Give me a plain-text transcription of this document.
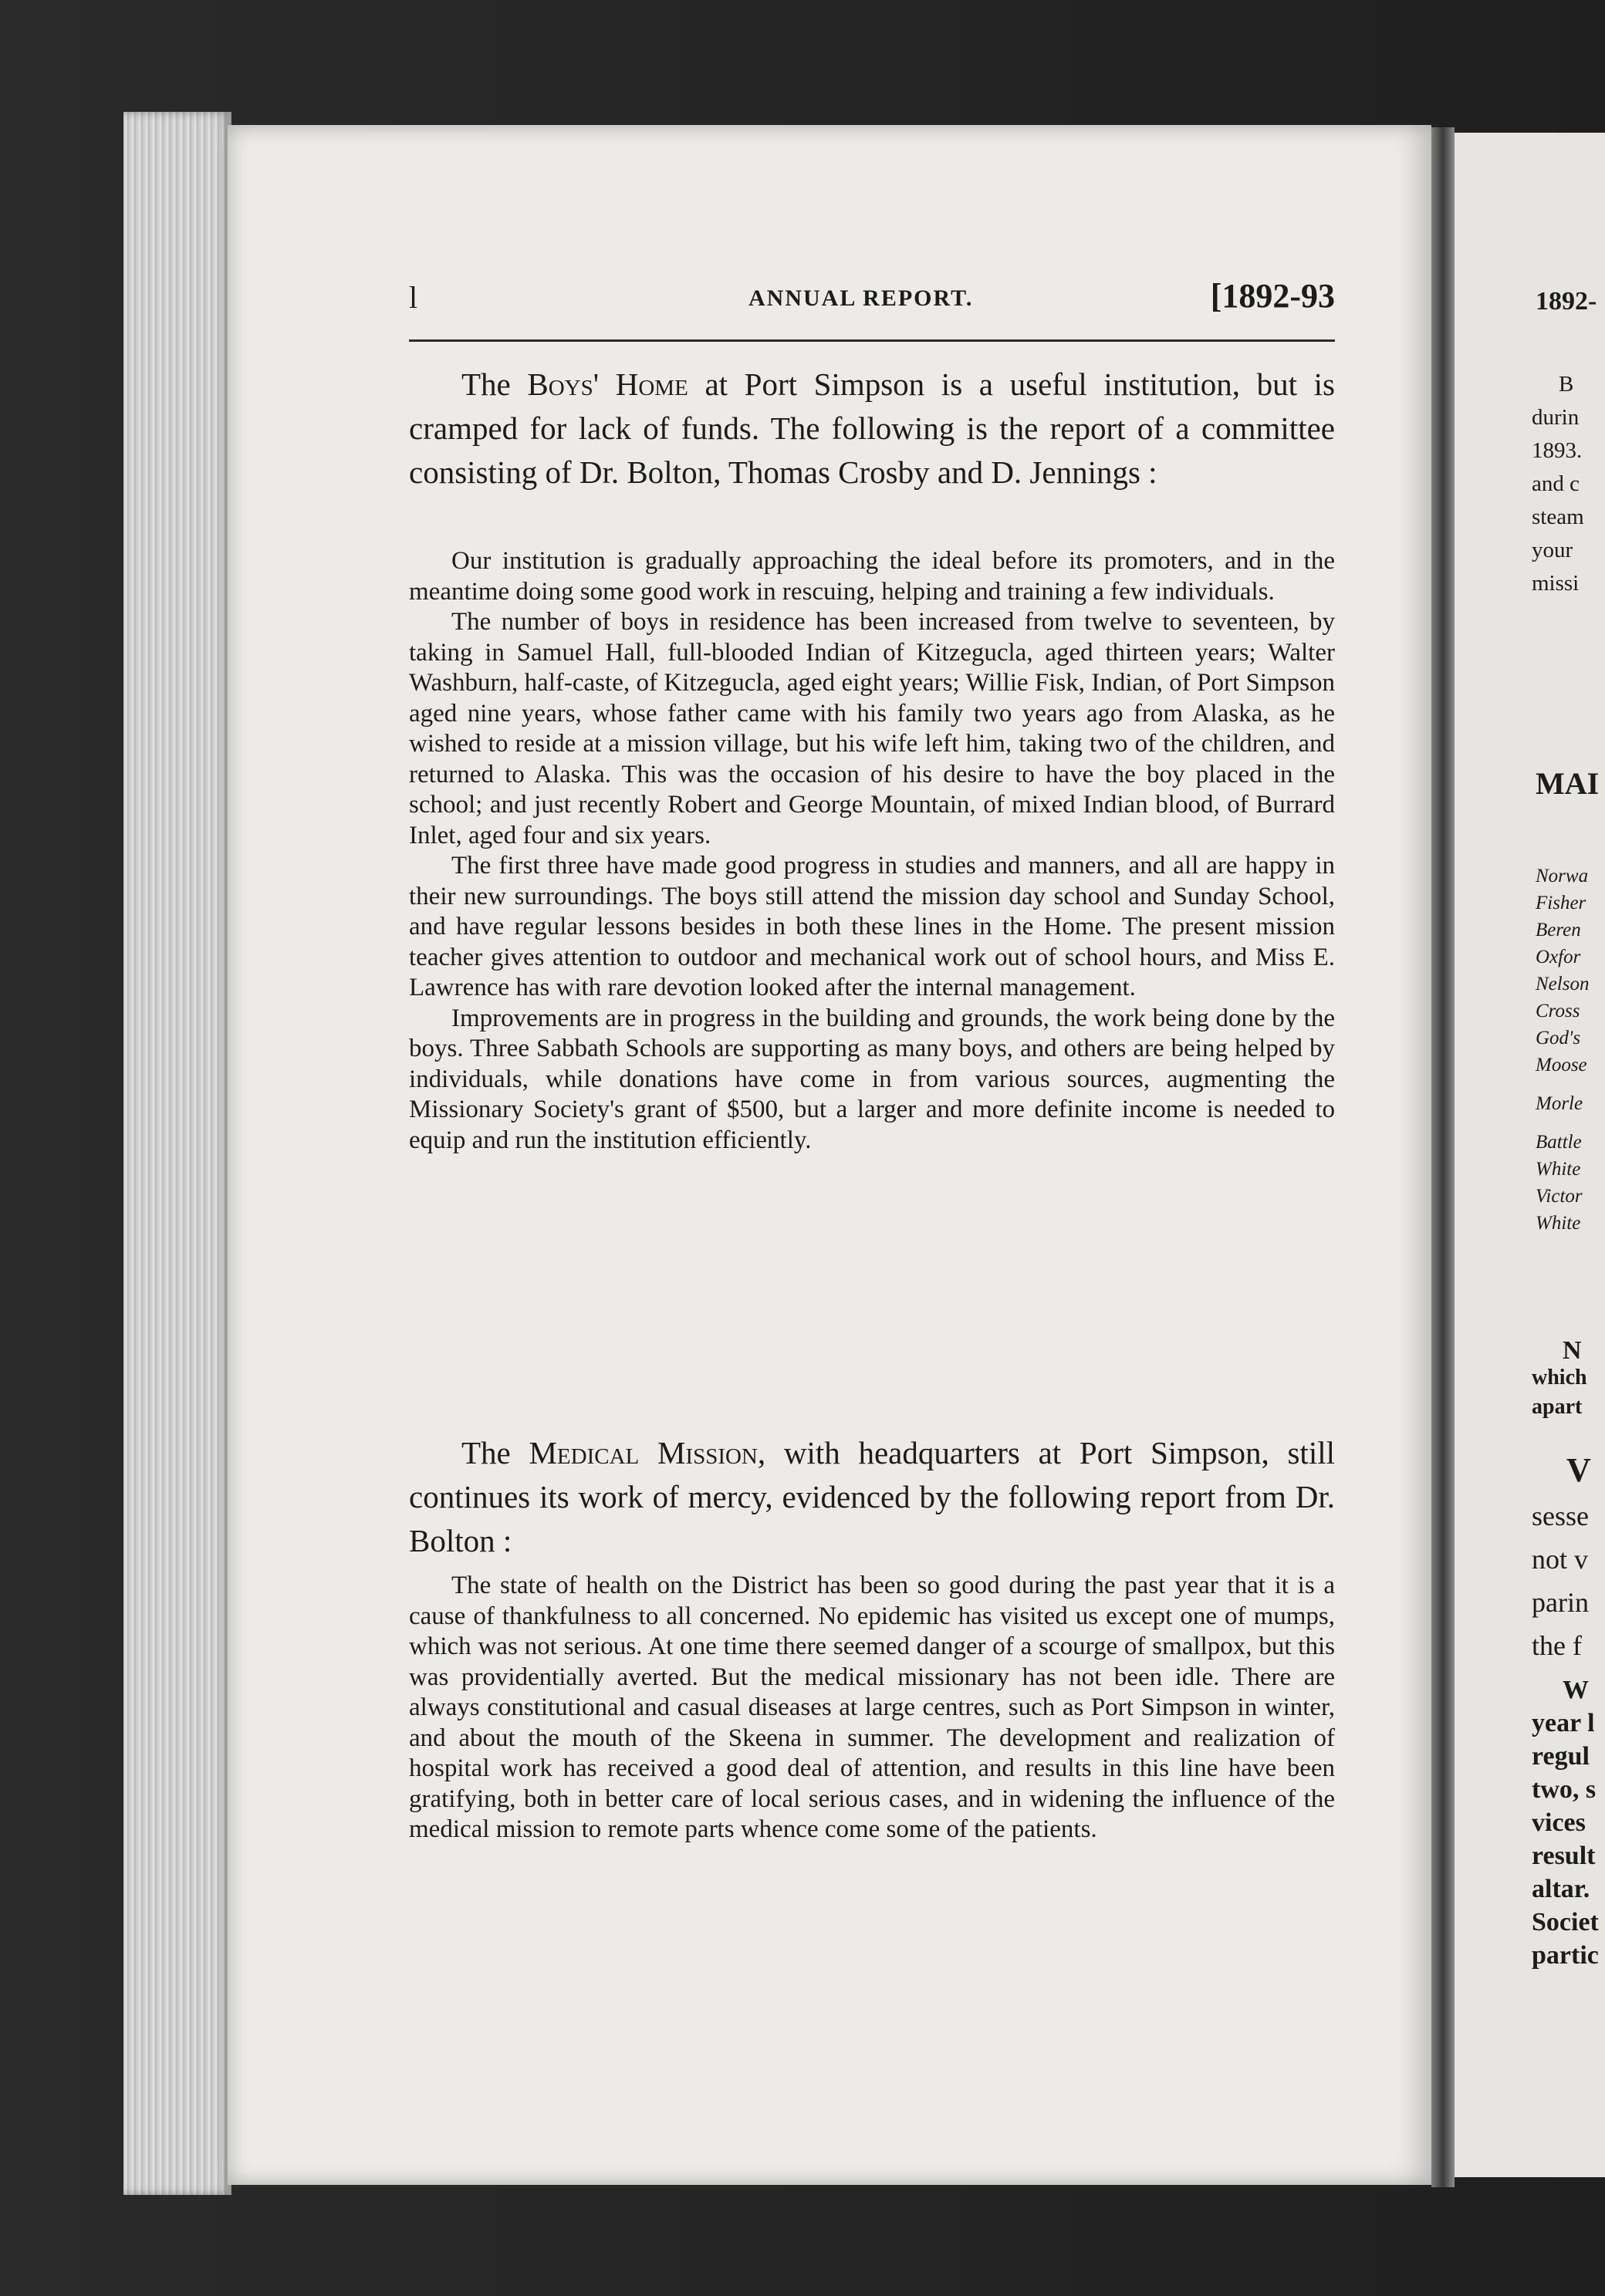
l	ANNUAL REPORT.	[1892-93
The Boys' Home at Port Simpson is a useful institution, but is cramped for lack of funds. The following is the report of a committee consisting of Dr. Bolton, Thomas Crosby and D. Jennings :

Our institution is gradually approaching the ideal before its promoters, and in the meantime doing some good work in rescuing, helping and training a few individuals.

The number of boys in residence has been increased from twelve to seventeen, by taking in Samuel Hall, full-blooded Indian of Kitzegucla, aged thirteen years; Walter Washburn, half-caste, of Kitzegucla, aged eight years; Willie Fisk, Indian, of Port Simpson aged nine years, whose father came with his family two years ago from Alaska, as he wished to reside at a mission village, but his wife left him, taking two of the children, and returned to Alaska. This was the occasion of his desire to have the boy placed in the school; and just recently Robert and George Mountain, of mixed Indian blood, of Burrard Inlet, aged four and six years.

The first three have made good progress in studies and manners, and all are happy in their new surroundings. The boys still attend the mission day school and Sunday School, and have regular lessons besides in both these lines in the Home. The present mission teacher gives attention to outdoor and mechanical work out of school hours, and Miss E. Lawrence has with rare devotion looked after the internal management.

Improvements are in progress in the building and grounds, the work being done by the boys. Three Sabbath Schools are supporting as many boys, and others are being helped by individuals, while donations have come in from various sources, augmenting the Missionary Society's grant of $500, but a larger and more definite income is needed to equip and run the institution efficiently.

The Medical Mission, with headquarters at Port Simpson, still continues its work of mercy, evidenced by the following report from Dr. Bolton :

The state of health on the District has been so good during the past year that it is a cause of thankfulness to all concerned. No epidemic has visited us except one of mumps, which was not serious. At one time there seemed danger of a scourge of smallpox, but this was providentially averted. But the medical missionary has not been idle. There are always constitutional and casual diseases at large centres, such as Port Simpson in winter, and about the mouth of the Skeena in summer. The development and realization of hospital work has received a good deal of attention, and results in this line have been gratifying, both in better care of local serious cases, and in widening the influence of the medical mission to remote parts whence come some of the patients.

1892-
B
durin
1893.
and c
steam
your
missi
MAI
Norwa
Fisher
Beren
Oxfor
Nelson
Cross
God's
Moose
Morle
Battle
White
Victor
White
N
which
apart
V
sesse
not v
parin
the f
W
year l
regul
two, s
vices
result
altar.
Societ
partic
